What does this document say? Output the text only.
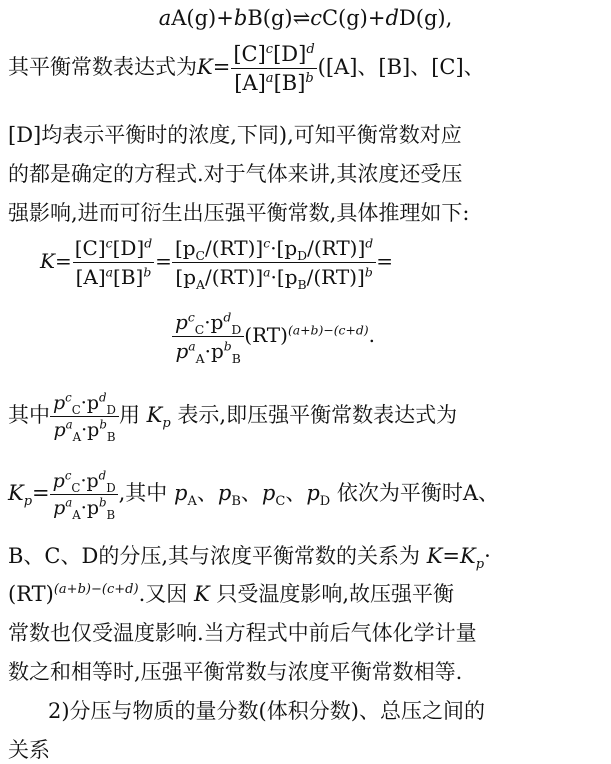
aA(g)+bB(g)⇌cC(g)+dD(g),
其平衡常数表达式为$K= \frac{[C]^c[D]^d}{[A]^a[B]^b} ([A]$、[B]、[C]、
[D]均表示平衡时的浓度,下同),可知平衡常数对应
的都是确定的方程式.对于气体来讲,其浓度还受压
强影响,进而可衍生出压强平衡常数,具体推理如下:
$K= \frac{[C]^c[D]^d}{[A]^a[B]^b} = \frac{[p_C/(RT)]^c\cdot[p_D/(RT)]^d}{[p_A/(RT)]^a\cdot[p_B/(RT)]^b}$ =
$\frac{p^c_C\cdot p^d_D}{p^a_A\cdot p^b_B} (RT)^{(a+b)-(c+d)}$.
其中 $\frac{p^c_C\cdot p^d_D}{p^a_A\cdot p^b_B}$ 用 $K_p$ 表示,即压强平衡常数表达式为
$K_p= \frac{p^c_C\cdot p^d_D}{p^a_A\cdot p^b_B}$ ,其中 $p_A$、$p_B$、$p_C$、$p_D$ 依次为平衡时A、
B、C、D的分压,其与浓度平衡常数的关系为 $K=K_p\cdot$
(RT)$^{(a+b)-(c+d)}$.又因 K 只受温度影响,故压强平衡
常数也仅受温度影响.当方程式中前后气体化学计量
数之和相等时,压强平衡常数与浓度平衡常数相等.
2)分压与物质的量分数(体积分数)、总压之间的
关系
